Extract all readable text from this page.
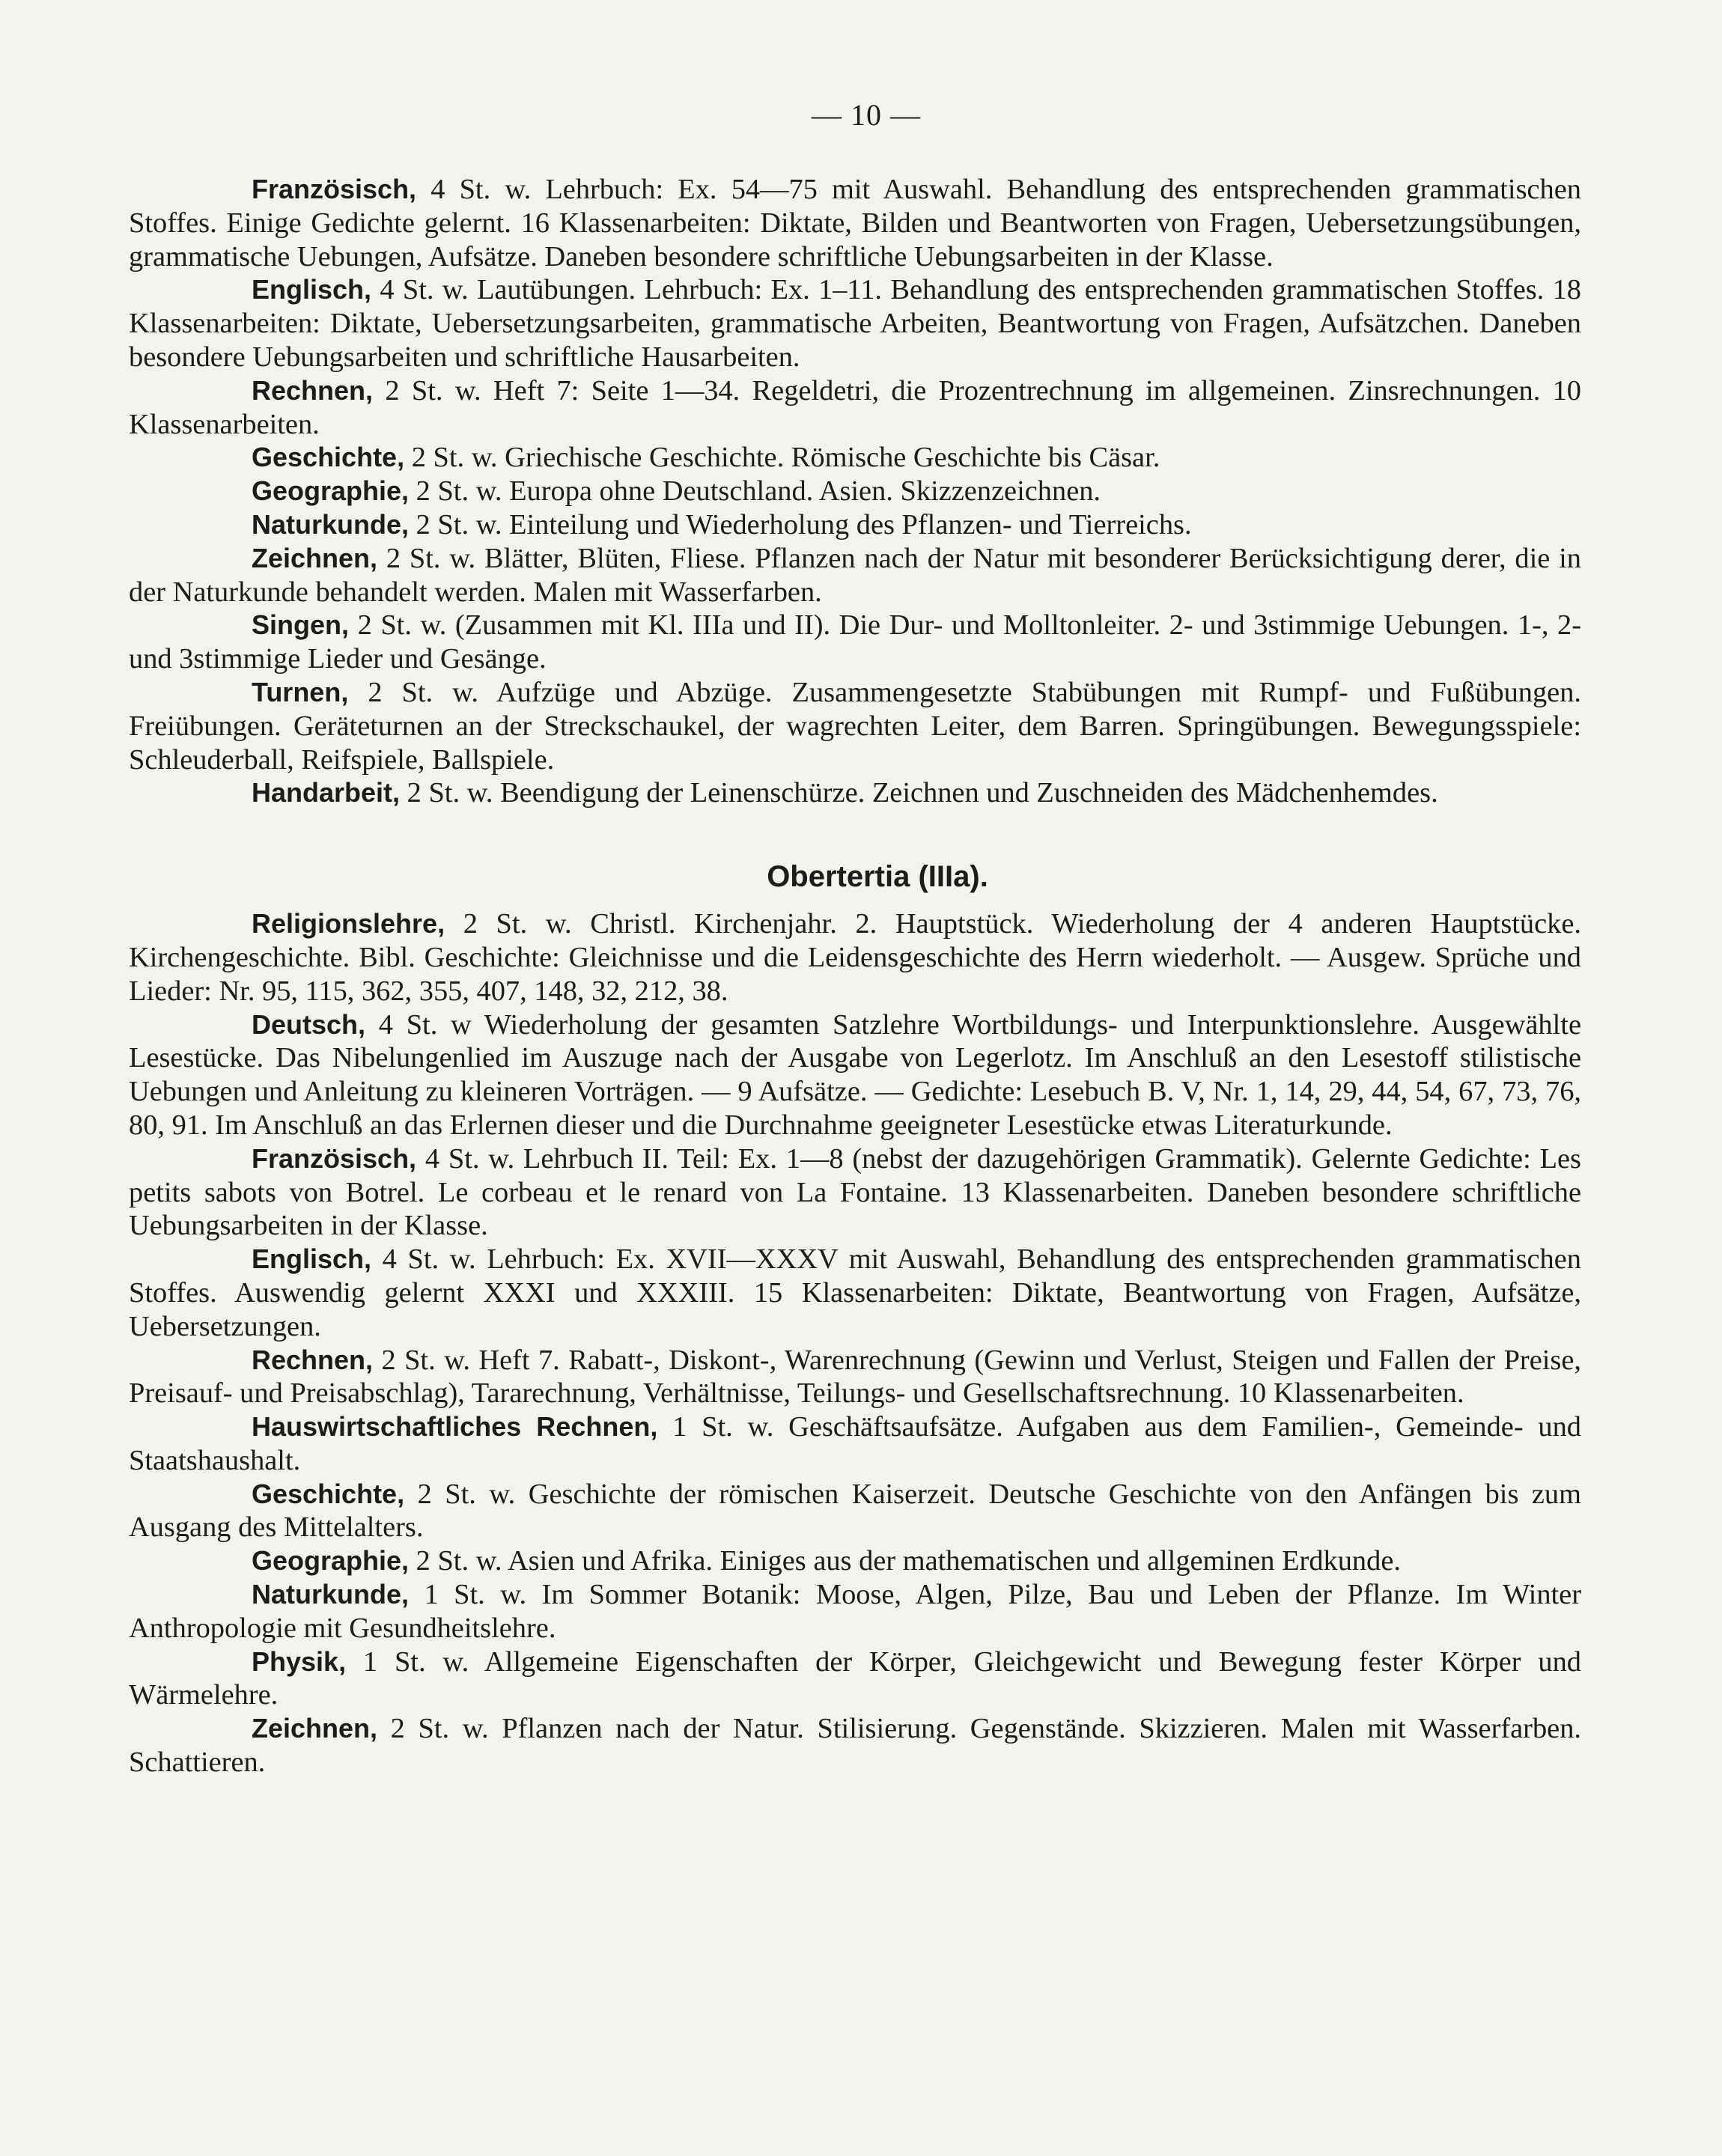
— 10 —

Französisch, 4 St. w. Lehrbuch: Ex. 54—75 mit Auswahl. Behandlung des entsprechenden grammatischen Stoffes. Einige Gedichte gelernt. 16 Klassenarbeiten: Diktate, Bilden und Beantworten von Fragen, Uebersetzungsübungen, grammatische Uebungen, Aufsätze. Daneben besondere schriftliche Uebungsarbeiten in der Klasse.

Englisch, 4 St. w. Lautübungen. Lehrbuch: Ex. 1–11. Behandlung des entsprechenden grammatischen Stoffes. 18 Klassenarbeiten: Diktate, Uebersetzungsarbeiten, grammatische Arbeiten, Beantwortung von Fragen, Aufsätzchen. Daneben besondere Uebungsarbeiten und schriftliche Hausarbeiten.

Rechnen, 2 St. w. Heft 7: Seite 1—34. Regeldetri, die Prozentrechnung im allgemeinen. Zinsrechnungen. 10 Klassenarbeiten.

Geschichte, 2 St. w. Griechische Geschichte. Römische Geschichte bis Cäsar.

Geographie, 2 St. w. Europa ohne Deutschland. Asien. Skizzenzeichnen.

Naturkunde, 2 St. w. Einteilung und Wiederholung des Pflanzen- und Tierreichs.

Zeichnen, 2 St. w. Blätter, Blüten, Fliese. Pflanzen nach der Natur mit besonderer Berücksichtigung derer, die in der Naturkunde behandelt werden. Malen mit Wasserfarben.

Singen, 2 St. w. (Zusammen mit Kl. IIIa und II). Die Dur- und Molltonleiter. 2- und 3stimmige Uebungen. 1-, 2- und 3stimmige Lieder und Gesänge.

Turnen, 2 St. w. Aufzüge und Abzüge. Zusammengesetzte Stabübungen mit Rumpf- und Fußübungen. Freiübungen. Geräteturnen an der Streckschaukel, der wagrechten Leiter, dem Barren. Springübungen. Bewegungsspiele: Schleuderball, Reifspiele, Ballspiele.

Handarbeit, 2 St. w. Beendigung der Leinenschürze. Zeichnen und Zuschneiden des Mädchenhemdes.

Obertertia (IIIa).

Religionslehre, 2 St. w. Christl. Kirchenjahr. 2. Hauptstück. Wiederholung der 4 anderen Hauptstücke. Kirchengeschichte. Bibl. Geschichte: Gleichnisse und die Leidensgeschichte des Herrn wiederholt. — Ausgew. Sprüche und Lieder: Nr. 95, 115, 362, 355, 407, 148, 32, 212, 38.

Deutsch, 4 St. w Wiederholung der gesamten Satzlehre Wortbildungs- und Interpunktionslehre. Ausgewählte Lesestücke. Das Nibelungenlied im Auszuge nach der Ausgabe von Legerlotz. Im Anschluß an den Lesestoff stilistische Uebungen und Anleitung zu kleineren Vorträgen. — 9 Aufsätze. — Gedichte: Lesebuch B. V, Nr. 1, 14, 29, 44, 54, 67, 73, 76, 80, 91. Im Anschluß an das Erlernen dieser und die Durchnahme geeigneter Lesestücke etwas Literaturkunde.

Französisch, 4 St. w. Lehrbuch II. Teil: Ex. 1—8 (nebst der dazugehörigen Grammatik). Gelernte Gedichte: Les petits sabots von Botrel. Le corbeau et le renard von La Fontaine. 13 Klassenarbeiten. Daneben besondere schriftliche Uebungsarbeiten in der Klasse.

Englisch, 4 St. w. Lehrbuch: Ex. XVII—XXXV mit Auswahl, Behandlung des entsprechenden grammatischen Stoffes. Auswendig gelernt XXXI und XXXIII. 15 Klassenarbeiten: Diktate, Beantwortung von Fragen, Aufsätze, Uebersetzungen.

Rechnen, 2 St. w. Heft 7. Rabatt-, Diskont-, Warenrechnung (Gewinn und Verlust, Steigen und Fallen der Preise, Preisauf- und Preisabschlag), Tararechnung, Verhältnisse, Teilungs- und Gesellschaftsrechnung. 10 Klassenarbeiten.

Hauswirtschaftliches Rechnen, 1 St. w. Geschäftsaufsätze. Aufgaben aus dem Familien-, Gemeinde- und Staatshaushalt.

Geschichte, 2 St. w. Geschichte der römischen Kaiserzeit. Deutsche Geschichte von den Anfängen bis zum Ausgang des Mittelalters.

Geographie, 2 St. w. Asien und Afrika. Einiges aus der mathematischen und allgeminen Erdkunde.

Naturkunde, 1 St. w. Im Sommer Botanik: Moose, Algen, Pilze, Bau und Leben der Pflanze. Im Winter Anthropologie mit Gesundheitslehre.

Physik, 1 St. w. Allgemeine Eigenschaften der Körper, Gleichgewicht und Bewegung fester Körper und Wärmelehre.

Zeichnen, 2 St. w. Pflanzen nach der Natur. Stilisierung. Gegenstände. Skizzieren. Malen mit Wasserfarben. Schattieren.
